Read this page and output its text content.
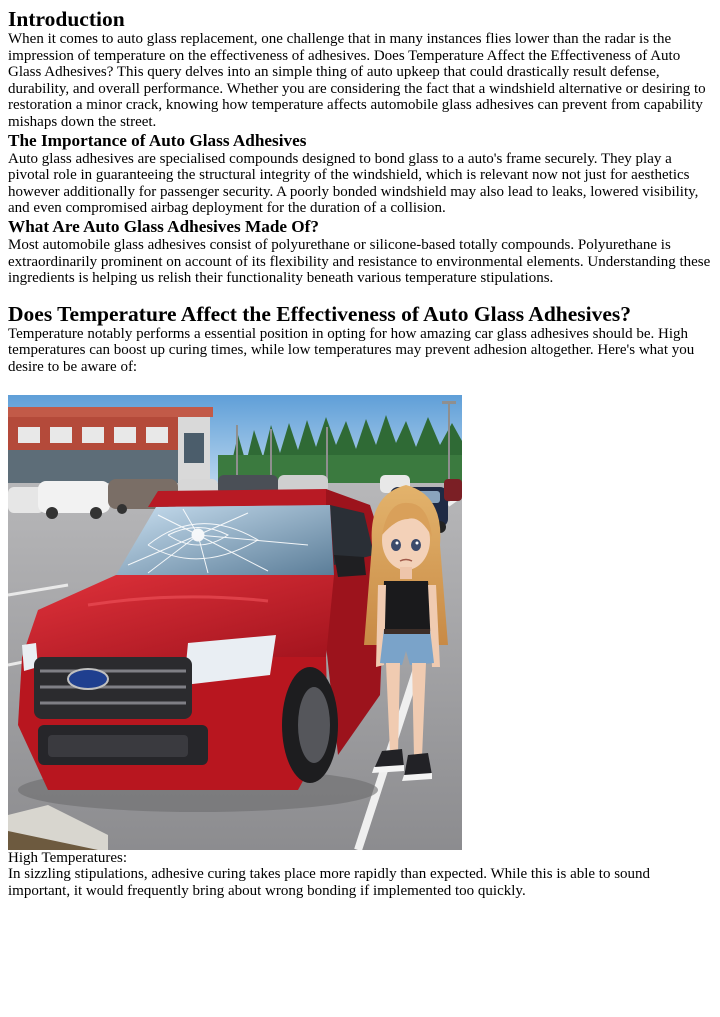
Introduction

When it comes to auto glass replacement, one challenge that in many instances flies lower than the radar is the impression of temperature on the effectiveness of adhesives. Does Temperature Affect the Effectiveness of Auto Glass Adhesives? This query delves into an simple thing of auto upkeep that could drastically result defense, durability, and overall performance. Whether you are considering the fact that a windshield alternative or desiring to restoration a minor crack, knowing how temperature affects automobile glass adhesives can prevent from capability mishaps down the street.

The Importance of Auto Glass Adhesives

Auto glass adhesives are specialised compounds designed to bond glass to a auto's frame securely. They play a pivotal role in guaranteeing the structural integrity of the windshield, which is relevant now not just for aesthetics however additionally for passenger security. A poorly bonded windshield may also lead to leaks, lowered visibility, and even compromised airbag deployment for the duration of a collision.

What Are Auto Glass Adhesives Made Of?

Most automobile glass adhesives consist of polyurethane or silicone-based totally compounds. Polyurethane is extraordinarily prominent on account of its flexibility and resistance to environmental elements. Understanding these ingredients is helping us relish their functionality beneath various temperature stipulations.

Does Temperature Affect the Effectiveness of Auto Glass Adhesives?

Temperature notably performs a essential position in opting for how amazing car glass adhesives should be. High temperatures can boost up curing times, while low temperatures may prevent adhesion altogether. Here's what you desire to be aware of:

High Temperatures:

In sizzling stipulations, adhesive curing takes place more rapidly than expected. While this is able to sound important, it would frequently bring about wrong bonding if implemented too quickly.
